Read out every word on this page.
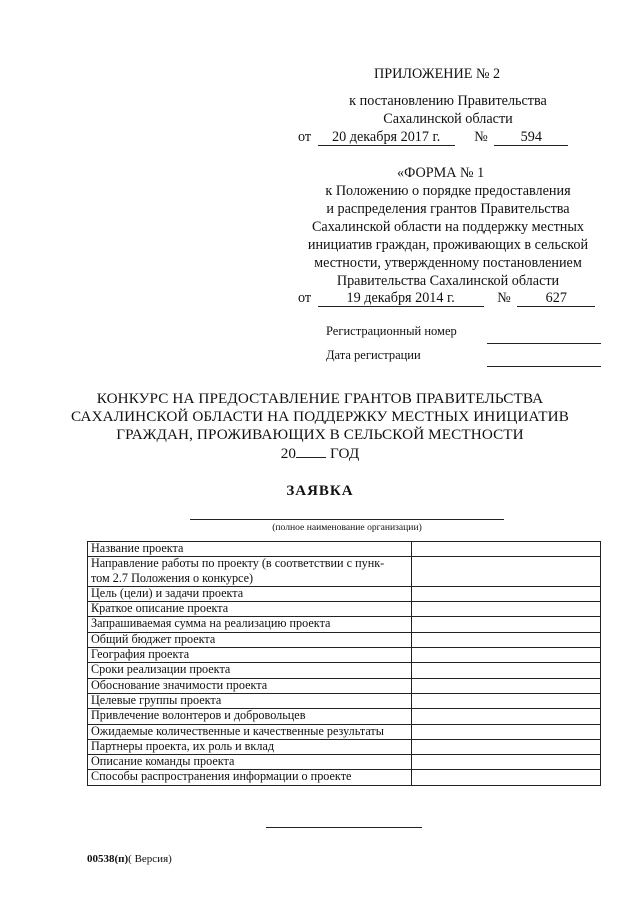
ПРИЛОЖЕНИЕ № 2
к постановлению Правительства
Сахалинской области
от 20 декабря 2017 г. № 594
«ФОРМА № 1
к Положению о порядке предоставления
и распределения грантов Правительства
Сахалинской области на поддержку местных
инициатив граждан, проживающих в сельской
местности, утвержденному постановлением
Правительства Сахалинской области
от 19 декабря 2014 г.	№ 627
Регистрационный номер
Дата регистрации
КОНКУРС НА ПРЕДОСТАВЛЕНИЕ ГРАНТОВ ПРАВИТЕЛЬСТВА
САХАЛИНСКОЙ ОБЛАСТИ НА ПОДДЕРЖКУ МЕСТНЫХ ИНИЦИАТИВ
ГРАЖДАН, ПРОЖИВАЮЩИХ В СЕЛЬСКОЙ МЕСТНОСТИ
20 ГОД
ЗАЯВКА
(полное наименование организации)
Название проекта	
Направление работы по проекту (в соответствии с пунк-	
том 2.7 Положения о конкурсе)	
Цель (цели) и задачи проекта	
Краткое описание проекта	
Запрашиваемая сумма на реализацию проекта	
Общий бюджет проекта	
География проекта	
Сроки реализации проекта	
Обоснование значимости проекта	
Целевые группы проекта	
Привлечение волонтеров и добровольцев	
Ожидаемые количественные и качественные результаты	
Партнеры проекта, их роль и вклад	
Описание команды проекта	
Способы распространения информации о проекте	
00538(п)( Версия)
